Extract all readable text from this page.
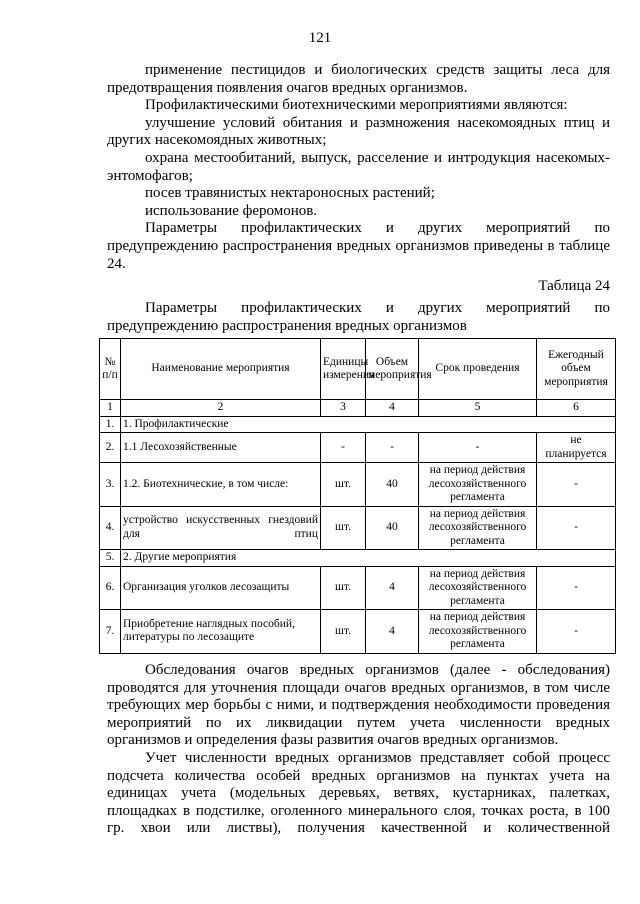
121

применение пестицидов и биологических средств защиты леса для предотвращения появления очагов вредных организмов.

Профилактическими биотехническими мероприятиями являются:

улучшение условий обитания и размножения насекомоядных птиц и других насекомоядных животных;

охрана местообитаний, выпуск, расселение и интродукция насекомых-энтомофагов;

посев травянистых нектароносных растений;

использование феромонов.

Параметры профилактических и других мероприятий по предупреждению распространения вредных организмов приведены в таблице 24.

Таблица 24

Параметры профилактических и других мероприятий по предупреждению распространения вредных организмов

№ п/п	Наименование мероприятия	Единицы измерения	Объем мероприятия	Срок проведения	Ежегодный объем мероприятия
1	2	3	4	5	6
1.	1. Профилактические				
2.	1.1 Лесохозяйственные	-	-	-	не планируется
3.	1.2. Биотехнические, в том числе:	шт.	40	на период действия лесохозяйственного регламента	-
4.	устройство искусственных гнездовий для птиц	шт.	40	на период действия лесохозяйственного регламента	-
5.	2. Другие мероприятия				
6.	Организация уголков лесозащиты	шт.	4	на период действия лесохозяйственного регламента	-
7.	Приобретение наглядных пособий, литературы по лесозащите	шт.	4	на период действия лесохозяйственного регламента	-

Обследования очагов вредных организмов (далее - обследования) проводятся для уточнения площади очагов вредных организмов, в том числе требующих мер борьбы с ними, и подтверждения необходимости проведения мероприятий по их ликвидации путем учета численности вредных организмов и определения фазы развития очагов вредных организмов.

Учет численности вредных организмов представляет собой процесс подсчета количества особей вредных организмов на пунктах учета на единицах учета (модельных деревьях, ветвях, кустарниках, палетках, площадках в подстилке, оголенного минерального слоя, точках роста, в 100 гр. хвои или листвы), получения качественной и количественной
